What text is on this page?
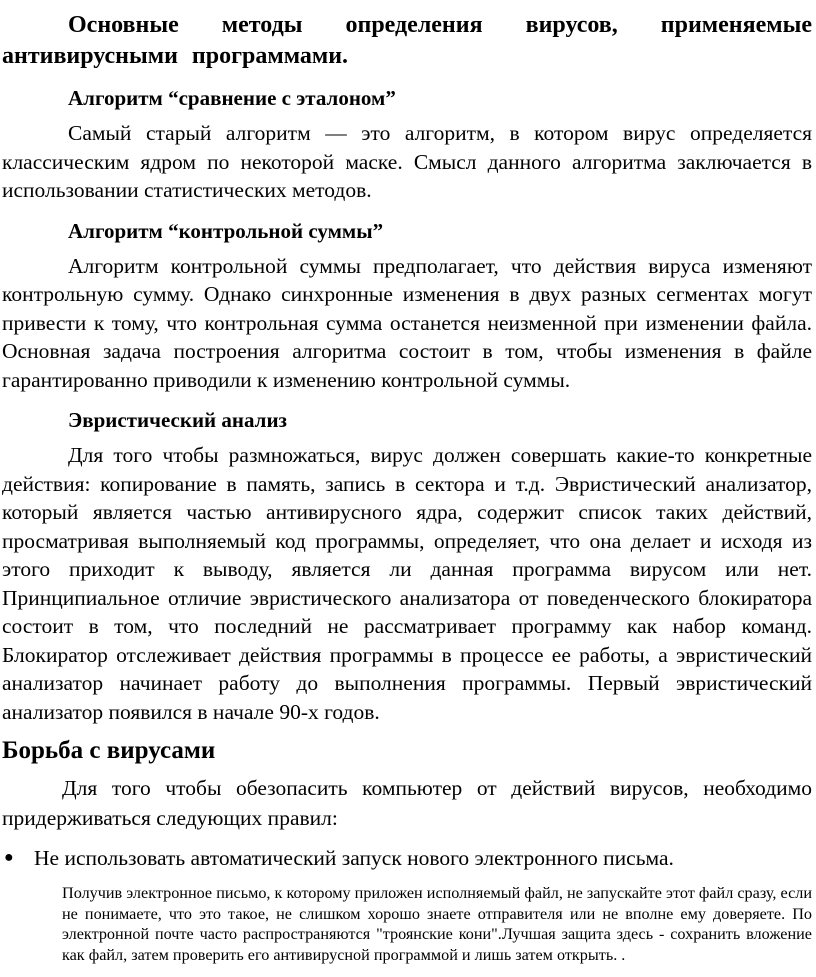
Основные методы определения вирусов, применяемые антивирусными программами.
Алгоритм “сравнение с эталоном”
Самый старый алгоритм — это алгоритм, в котором вирус определяется классическим ядром по некоторой маске. Смысл данного алгоритма заключается в использовании статистических методов.
Алгоритм “контрольной суммы”
Алгоритм контрольной суммы предполагает, что действия вируса изменяют контрольную сумму. Однако синхронные изменения в двух разных сегментах могут привести к тому, что контрольная сумма останется неизменной при изменении файла. Основная задача построения алгоритма состоит в том, чтобы изменения в файле гарантированно приводили к изменению контрольной суммы.
Эвристический анализ
Для того чтобы размножаться, вирус должен совершать какие-то конкретные действия: копирование в память, запись в сектора и т.д. Эвристический анализатор, который является частью антивирусного ядра, содержит список таких действий, просматривая выполняемый код программы, определяет, что она делает и исходя из этого приходит к выводу, является ли данная программа вирусом или нет. Принципиальное отличие эвристического анализатора от поведенческого блокиратора состоит в том, что последний не рассматривает программу как набор команд. Блокиратор отслеживает действия программы в процессе ее работы, а эвристический анализатор начинает работу до выполнения программы. Первый эвристический анализатор появился в начале 90-х годов.
Борьба с вирусами
Для того чтобы обезопасить компьютер от действий вирусов, необходимо придерживаться следующих правил:
● Не использовать автоматический запуск нового электронного письма.
Получив электронное письмо, к которому приложен исполняемый файл, не запускайте этот файл сразу, если не понимаете, что это такое, не слишком хорошо знаете отправителя или не вполне ему доверяете. По электронной почте часто распространяются "троянские кони".Лучшая защита здесь - сохранить вложение как файл, затем проверить его антивирусной программой и лишь затем открыть. .
